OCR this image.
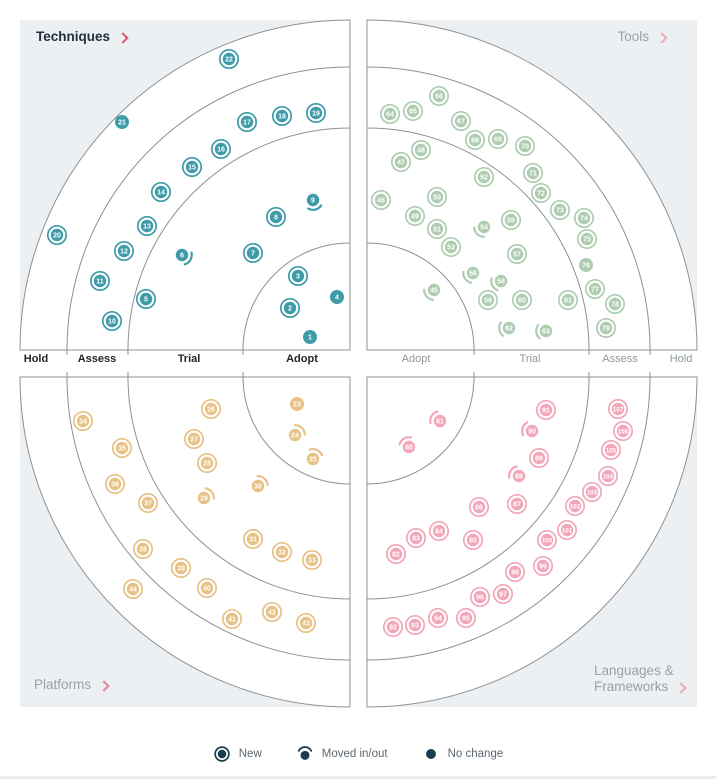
1
2
3
4
5
6	7
8
9
10
11
12
13
14
15
16
17
18	19
20
21
22
45
46
47
48
49
50
51
52
53
54
55
56
57
58
59	60	61
62	63
64 65
66
67
68 69
70
71
72
73
74
75
76
77
78
79
23
24
25
26
27
28
29
30
31
32
33
34
35
36
37
38
39
40
41
42
43
44
80
81
82
83
84
85
86	87
88
89
90
91
92 93
94	95
96 97
98
99
100
101
102
103
104
105
106
107
Techniques	Tools
Platforms
Languages &
Frameworks
Hold	Assess	Trial	Adopt	Adopt	Trial	Assess	Hold
New	Moved in/out	No change
